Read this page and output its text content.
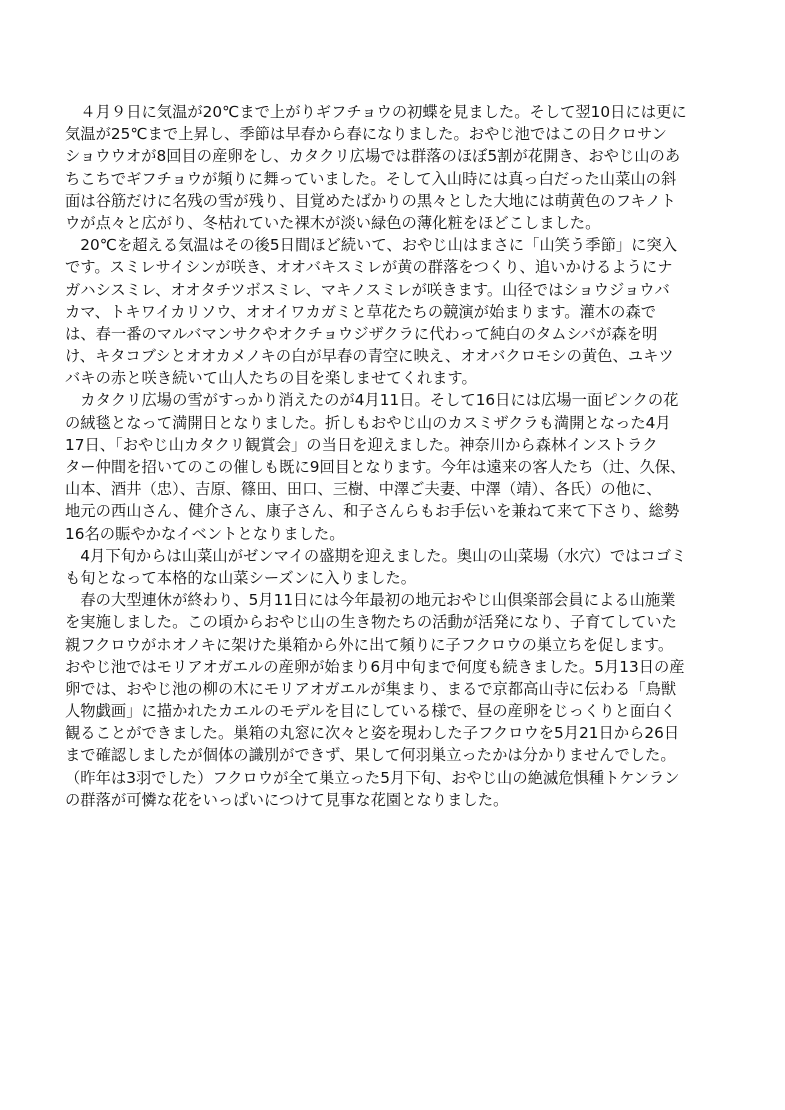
　４月９日に気温が20℃まで上がりギフチョウの初蝶を見ました。そして翌10日には更に
気温が25℃まで上昇し、季節は早春から春になりました。おやじ池ではこの日クロサン
ショウウオが8回目の産卵をし、カタクリ広場では群落のほぼ5割が花開き、おやじ山のあ
ちこちでギフチョウが頻りに舞っていました。そして入山時には真っ白だった山菜山の斜
面は谷筋だけに名残の雪が残り、目覚めたばかりの黒々とした大地には萌黄色のフキノト
ウが点々と広がり、冬枯れていた裸木が淡い緑色の薄化粧をほどこしました。
　20℃を超える気温はその後5日間ほど続いて、おやじ山はまさに「山笑う季節」に突入
です。スミレサイシンが咲き、オオバキスミレが黄の群落をつくり、追いかけるようにナ
ガハシスミレ、オオタチツボスミレ、マキノスミレが咲きます。山径ではショウジョウバ
カマ、トキワイカリソウ、オオイワカガミと草花たちの競演が始まります。灌木の森で
は、春一番のマルバマンサクやオクチョウジザクラに代わって純白のタムシバが森を明
け、キタコブシとオオカメノキの白が早春の青空に映え、オオバクロモシの黄色、ユキツ
バキの赤と咲き続いて山人たちの目を楽しませてくれます。
　カタクリ広場の雪がすっかり消えたのが4月11日。そして16日には広場一面ピンクの花
の絨毯となって満開日となりました。折しもおやじ山のカスミザクラも満開となった4月
17日、「おやじ山カタクリ観賞会」の当日を迎えました。神奈川から森林インストラク
ター仲間を招いてのこの催しも既に9回目となります。今年は遠来の客人たち（辻、久保、
山本、酒井（忠）、吉原、篠田、田口、三樹、中澤ご夫妻、中澤（靖）、各氏）の他に、
地元の西山さん、健介さん、康子さん、和子さんらもお手伝いを兼ねて来て下さり、総勢
16名の賑やかなイベントとなりました。
　4月下旬からは山菜山がゼンマイの盛期を迎えました。奥山の山菜場（水穴）ではコゴミ
も旬となって本格的な山菜シーズンに入りました。
　春の大型連休が終わり、5月11日には今年最初の地元おやじ山倶楽部会員による山施業
を実施しました。この頃からおやじ山の生き物たちの活動が活発になり、子育てしていた
親フクロウがホオノキに架けた巣箱から外に出て頻りに子フクロウの巣立ちを促します。
おやじ池ではモリアオガエルの産卵が始まり6月中旬まで何度も続きました。5月13日の産
卵では、おやじ池の柳の木にモリアオガエルが集まり、まるで京都高山寺に伝わる「鳥獣
人物戯画」に描かれたカエルのモデルを目にしている様で、昼の産卵をじっくりと面白く
観ることができました。巣箱の丸窓に次々と姿を現わした子フクロウを5月21日から26日
まで確認しましたが個体の識別ができず、果して何羽巣立ったかは分かりませんでした。
（昨年は3羽でした）フクロウが全て巣立った5月下旬、おやじ山の絶滅危惧種トケンラン
の群落が可憐な花をいっぱいにつけて見事な花園となりました。
